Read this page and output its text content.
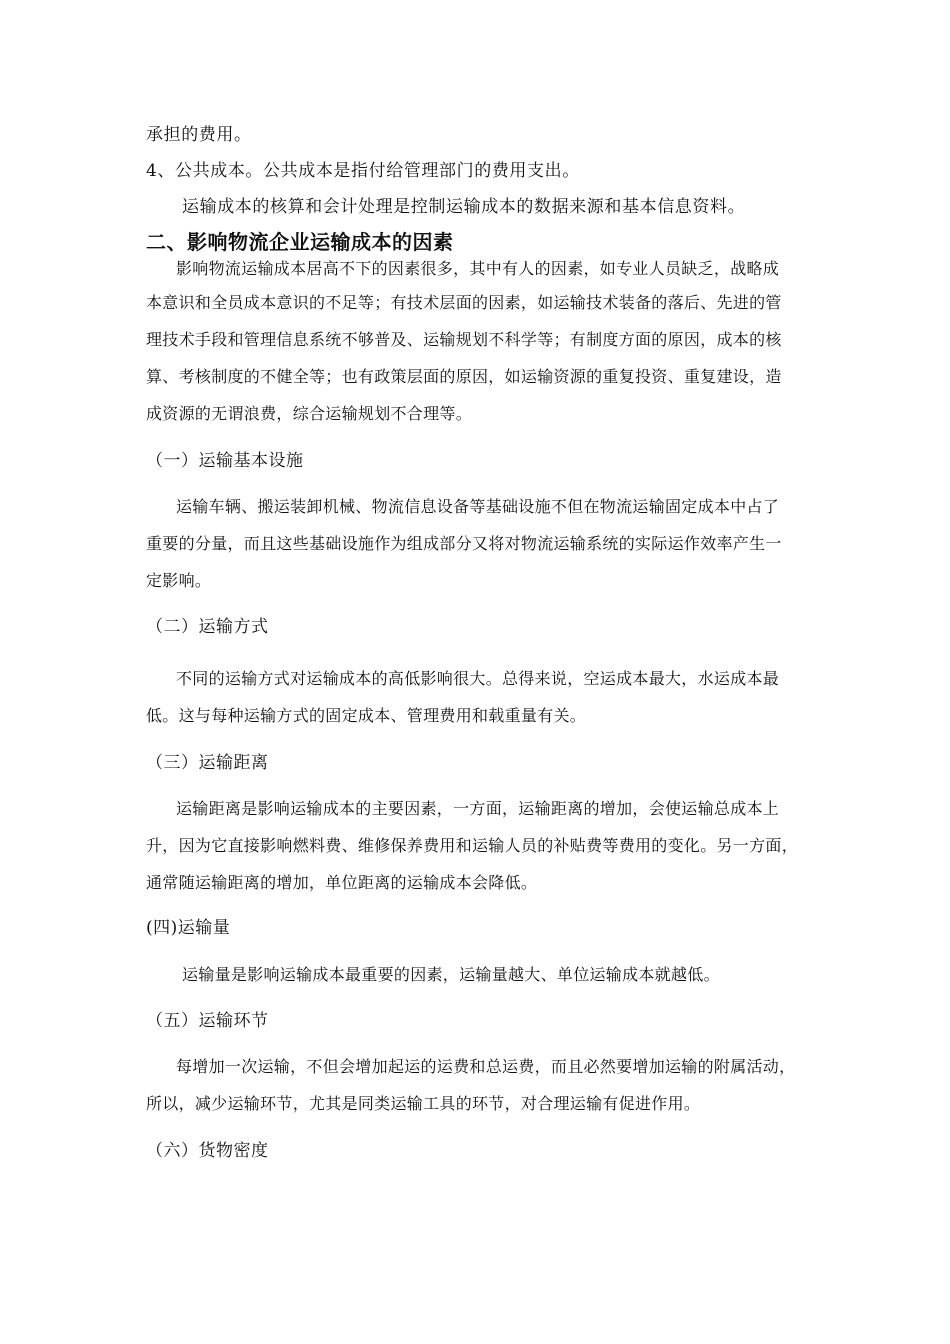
承担的费用。
4、公共成本。公共成本是指付给管理部门的费用支出。
运输成本的核算和会计处理是控制运输成本的数据来源和基本信息资料。
二、影响物流企业运输成本的因素
影响物流运输成本居高不下的因素很多，其中有人的因素，如专业人员缺乏，战略成
本意识和全员成本意识的不足等；有技术层面的因素，如运输技术装备的落后、先进的管
理技术手段和管理信息系统不够普及、运输规划不科学等；有制度方面的原因，成本的核
算、考核制度的不健全等；也有政策层面的原因，如运输资源的重复投资、重复建设，造
成资源的无谓浪费，综合运输规划不合理等。
（一）运输基本设施
运输车辆、搬运装卸机械、物流信息设备等基础设施不但在物流运输固定成本中占了
重要的分量，而且这些基础设施作为组成部分又将对物流运输系统的实际运作效率产生一
定影响。
（二）运输方式
不同的运输方式对运输成本的高低影响很大。总得来说，空运成本最大，水运成本最
低。这与每种运输方式的固定成本、管理费用和载重量有关。
（三）运输距离
运输距离是影响运输成本的主要因素，一方面，运输距离的增加，会使运输总成本上
升，因为它直接影响燃料费、维修保养费用和运输人员的补贴费等费用的变化。另一方面，
通常随运输距离的增加，单位距离的运输成本会降低。
(四)运输量
运输量是影响运输成本最重要的因素，运输量越大、单位运输成本就越低。
（五）运输环节
每增加一次运输，不但会增加起运的运费和总运费，而且必然要增加运输的附属活动，
所以，减少运输环节，尤其是同类运输工具的环节，对合理运输有促进作用。
（六）货物密度
